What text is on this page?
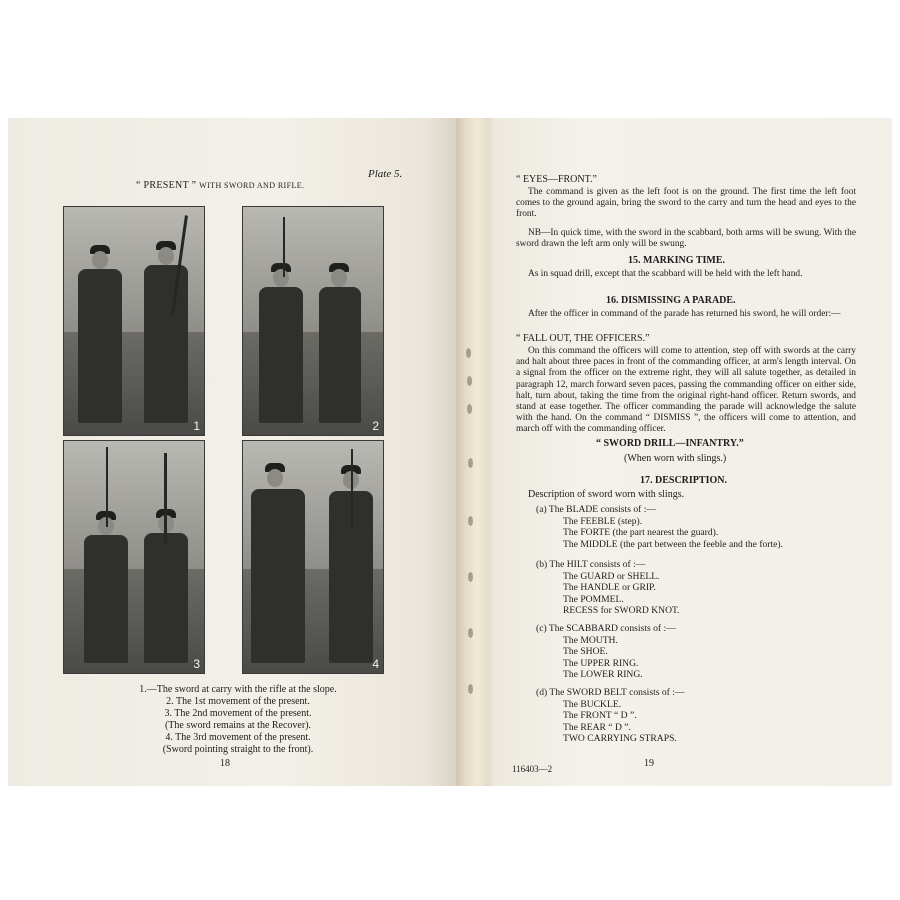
Plate 5.
“ PRESENT ” WITH SWORD AND RIFLE.
1	2
3	4
1.—The sword at carry with the rifle at the slope.
2. The 1st movement of the present.
3. The 2nd movement of the present.
(The sword remains at the Recover).
4. The 3rd movement of the present.
(Sword pointing straight to the front).
18
“ EYES—FRONT.”
The command is given as the left foot is on the ground. The first time the left foot comes to the ground again, bring the sword to the carry and turn the head and eyes to the front.
NB—In quick time, with the sword in the scabbard, both arms will be swung. With the sword drawn the left arm only will be swung.
15. MARKING TIME.
As in squad drill, except that the scabbard will be held with the left hand.
16. DISMISSING A PARADE.
After the officer in command of the parade has returned his sword, he will order:—
“ FALL OUT, THE OFFICERS.”
On this command the officers will come to attention, step off with swords at the carry and halt about three paces in front of the commanding officer, at arm's length interval. On a signal from the officer on the extreme right, they will all salute together, as detailed in paragraph 12, march forward seven paces, passing the commanding officer on either side, halt, turn about, taking the time from the original right-hand officer. Return swords, and stand at ease together. The officer commanding the parade will acknowledge the salute with the hand. On the command “ DISMISS ”, the officers will come to attention, and march off with the commanding officer.
“ SWORD DRILL—INFANTRY.”
(When worn with slings.)
17. DESCRIPTION.
Description of sword worn with slings.
(a) The BLADE consists of :—
The FEEBLE (step).
The FORTE (the part nearest the guard).
The MIDDLE (the part between the feeble and the forte).
(b) The HILT consists of :—
The GUARD or SHELL.
The HANDLE or GRIP.
The POMMEL.
RECESS for SWORD KNOT.
(c) The SCABBARD consists of :—
The MOUTH.
The SHOE.
The UPPER RING.
The LOWER RING.
(d) The SWORD BELT consists of :—
The BUCKLE.
The FRONT “ D ”.
The REAR “ D ”.
TWO CARRYING STRAPS.
116403—2	19
